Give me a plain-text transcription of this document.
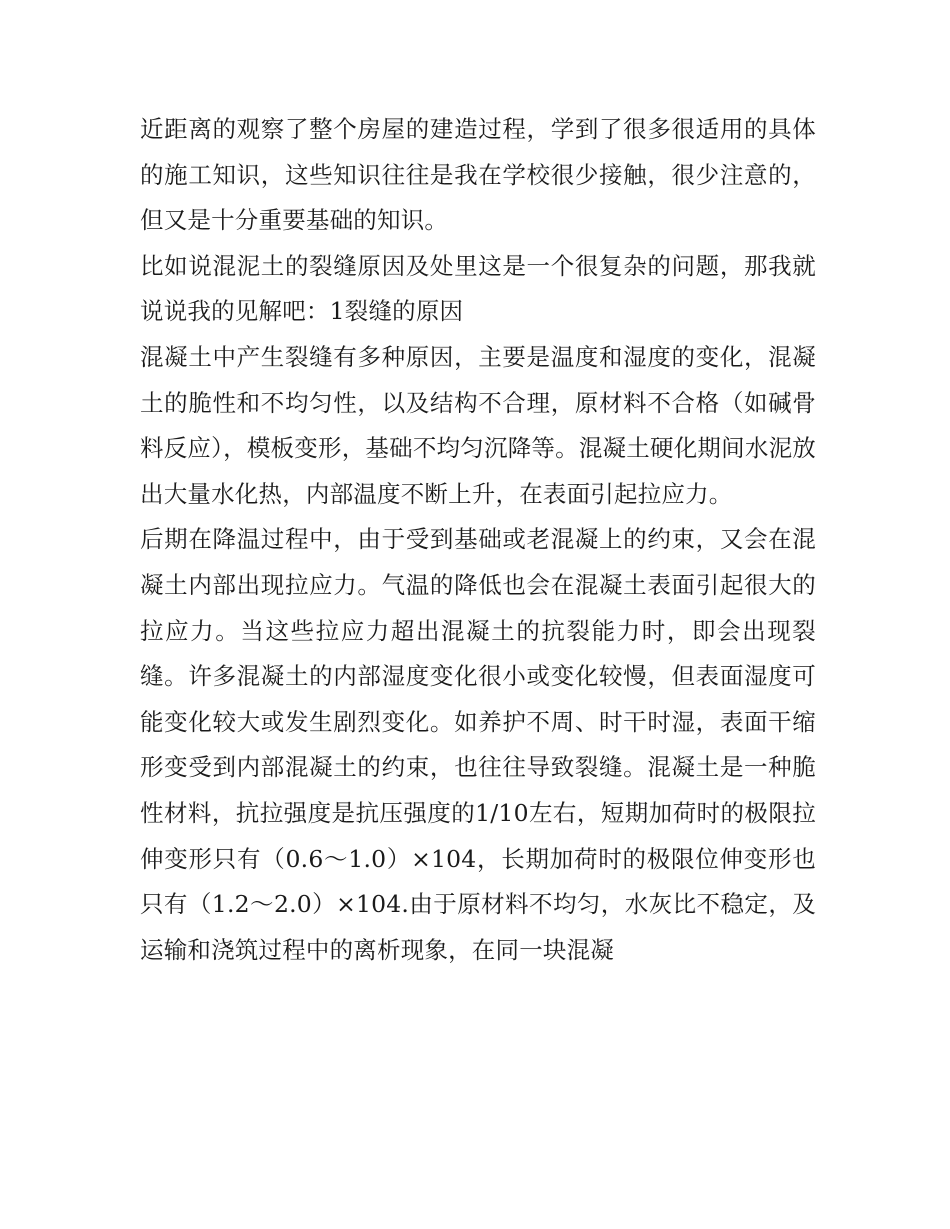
近距离的观察了整个房屋的建造过程，学到了很多很适用的具体的施工知识，这些知识往往是我在学校很少接触，很少注意的，但又是十分重要基础的知识。

比如说混泥土的裂缝原因及处里这是一个很复杂的问题，那我就说说我的见解吧：1裂缝的原因

混凝土中产生裂缝有多种原因，主要是温度和湿度的变化，混凝土的脆性和不均匀性，以及结构不合理，原材料不合格（如碱骨料反应），模板变形，基础不均匀沉降等。混凝土硬化期间水泥放出大量水化热，内部温度不断上升，在表面引起拉应力。

后期在降温过程中，由于受到基础或老混凝上的约束，又会在混凝土内部出现拉应力。气温的降低也会在混凝土表面引起很大的拉应力。当这些拉应力超出混凝土的抗裂能力时，即会出现裂缝。许多混凝土的内部湿度变化很小或变化较慢，但表面湿度可能变化较大或发生剧烈变化。如养护不周、时干时湿，表面干缩形变受到内部混凝土的约束，也往往导致裂缝。混凝土是一种脆性材料，抗拉强度是抗压强度的1/10左右，短期加荷时的极限拉伸变形只有（0.6～1.0）×104，长期加荷时的极限位伸变形也只有（1.2～2.0）×104.由于原材料不均匀，水灰比不稳定，及运输和浇筑过程中的离析现象，在同一块混凝
